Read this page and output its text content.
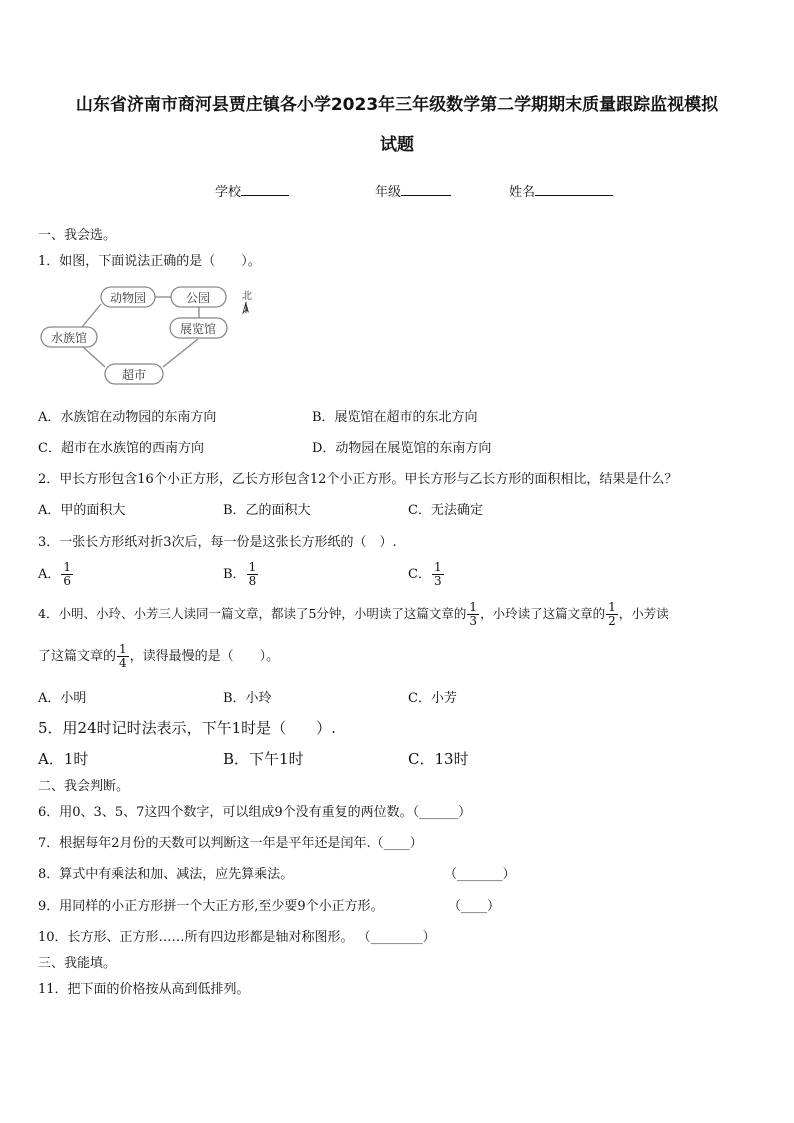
山东省济南市商河县贾庄镇各小学2023年三年级数学第二学期期末质量跟踪监视模拟
试题
学校	年级	姓名
一、我会选。
1．如图，下面说法正确的是（　　）。
动物园	公园
展览馆
水族馆
超市
北
A．水族馆在动物园的东南方向	B．展览馆在超市的东北方向
C．超市在水族馆的西南方向	D．动物园在展览馆的东南方向
2．甲长方形包含16个小正方形，乙长方形包含12个小正方形。甲长方形与乙长方形的面积相比，结果是什么？
A．甲的面积大	B．乙的面积大	C．无法确定
3．一张长方形纸对折3次后，每一份是这张长方形纸的（　）.
A． $\frac{1}{6}$	B． $\frac{1}{8}$	C． $\frac{1}{3}$
4．小明、小玲、小芳三人读同一篇文章，都读了5分钟，小明读了这篇文章的 $\frac{1}{3}$ ，小玲读了这篇文章的 $\frac{1}{2}$ ，小芳读
了这篇文章的 $\frac{1}{4}$ ，读得最慢的是（　　）。
A．小明	B．小玲	C．小芳
5．用24时记时法表示，下午1时是（　　）.
A．1时	B．下午1时	C．13时
二、我会判断。
6．用0、3、5、7这四个数字，可以组成9个没有重复的两位数。（______）
7．根据每年2月份的天数可以判断这一年是平年还是闰年.（____）
8．算式中有乘法和加、减法，应先算乘法。	（_______）
9．用同样的小正方形拼一个大正方形,至少要9个小正方形。	（____）
10．长方形、正方形……所有四边形都是轴对称图形。 （________）
三、我能填。
11．把下面的价格按从高到低排列。
